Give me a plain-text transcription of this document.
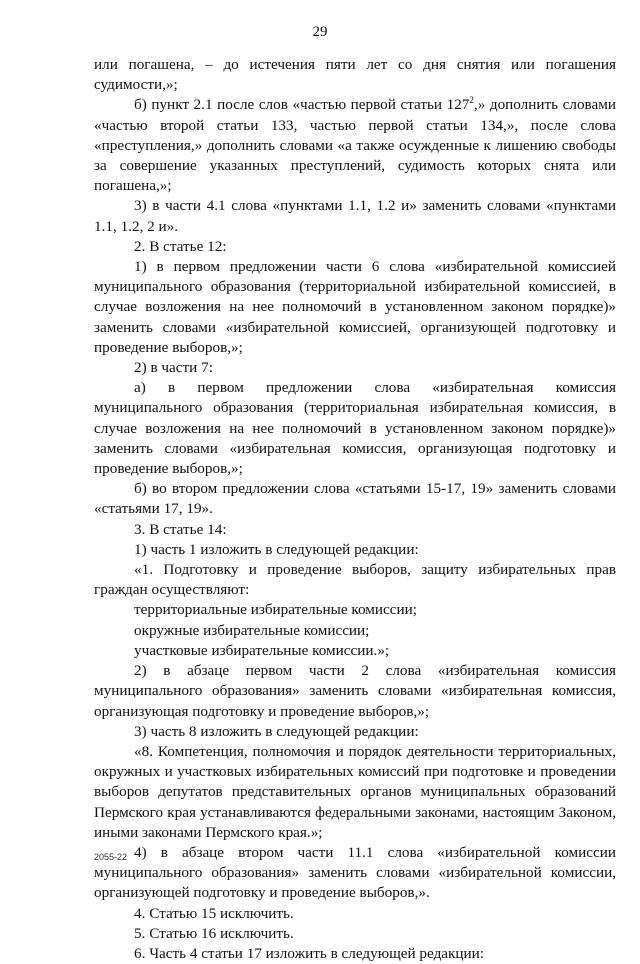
29

или погашена, – до истечения пяти лет со дня снятия или погашения судимости,»;

б) пункт 2.1 после слов «частью первой статьи $127^2$,» дополнить словами «частью второй статьи 133, частью первой статьи 134,», после слова «преступления,» дополнить словами «а также осужденные к лишению свободы за совершение указанных преступлений, судимость которых снята или погашена,»;

3) в части 4.1 слова «пунктами 1.1, 1.2 и» заменить словами «пунктами 1.1, 1.2, 2 и».

2. В статье 12:

1) в первом предложении части 6 слова «избирательной комиссией муниципального образования (территориальной избирательной комиссией, в случае возложения на нее полномочий в установленном законом порядке)» заменить словами «избирательной комиссией, организующей подготовку и проведение выборов,»;

2) в части 7:

а) в первом предложении слова «избирательная комиссия муниципального образования (территориальная избирательная комиссия, в случае возложения на нее полномочий в установленном законом порядке)» заменить словами «избирательная комиссия, организующая подготовку и проведение выборов,»;

б) во втором предложении слова «статьями 15-17, 19» заменить словами «статьями 17, 19».

3. В статье 14:

1) часть 1 изложить в следующей редакции:

«1. Подготовку и проведение выборов, защиту избирательных прав граждан осуществляют:

территориальные избирательные комиссии;

окружные избирательные комиссии;

участковые избирательные комиссии.»;

2) в абзаце первом части 2 слова «избирательная комиссия муниципального образования» заменить словами «избирательная комиссия, организующая подготовку и проведение выборов,»;

3) часть 8 изложить в следующей редакции:

«8. Компетенция, полномочия и порядок деятельности территориальных, окружных и участковых избирательных комиссий при подготовке и проведении выборов депутатов представительных органов муниципальных образований Пермского края устанавливаются федеральными законами, настоящим Законом, иными законами Пермского края.»;

4) в абзаце втором части 11.1 слова «избирательной комиссии муниципального образования» заменить словами «избирательной комиссии, организующей подготовку и проведение выборов,».

4. Статью 15 исключить.

5. Статью 16 исключить.

6. Часть 4 статьи 17 изложить в следующей редакции:

2055-22
